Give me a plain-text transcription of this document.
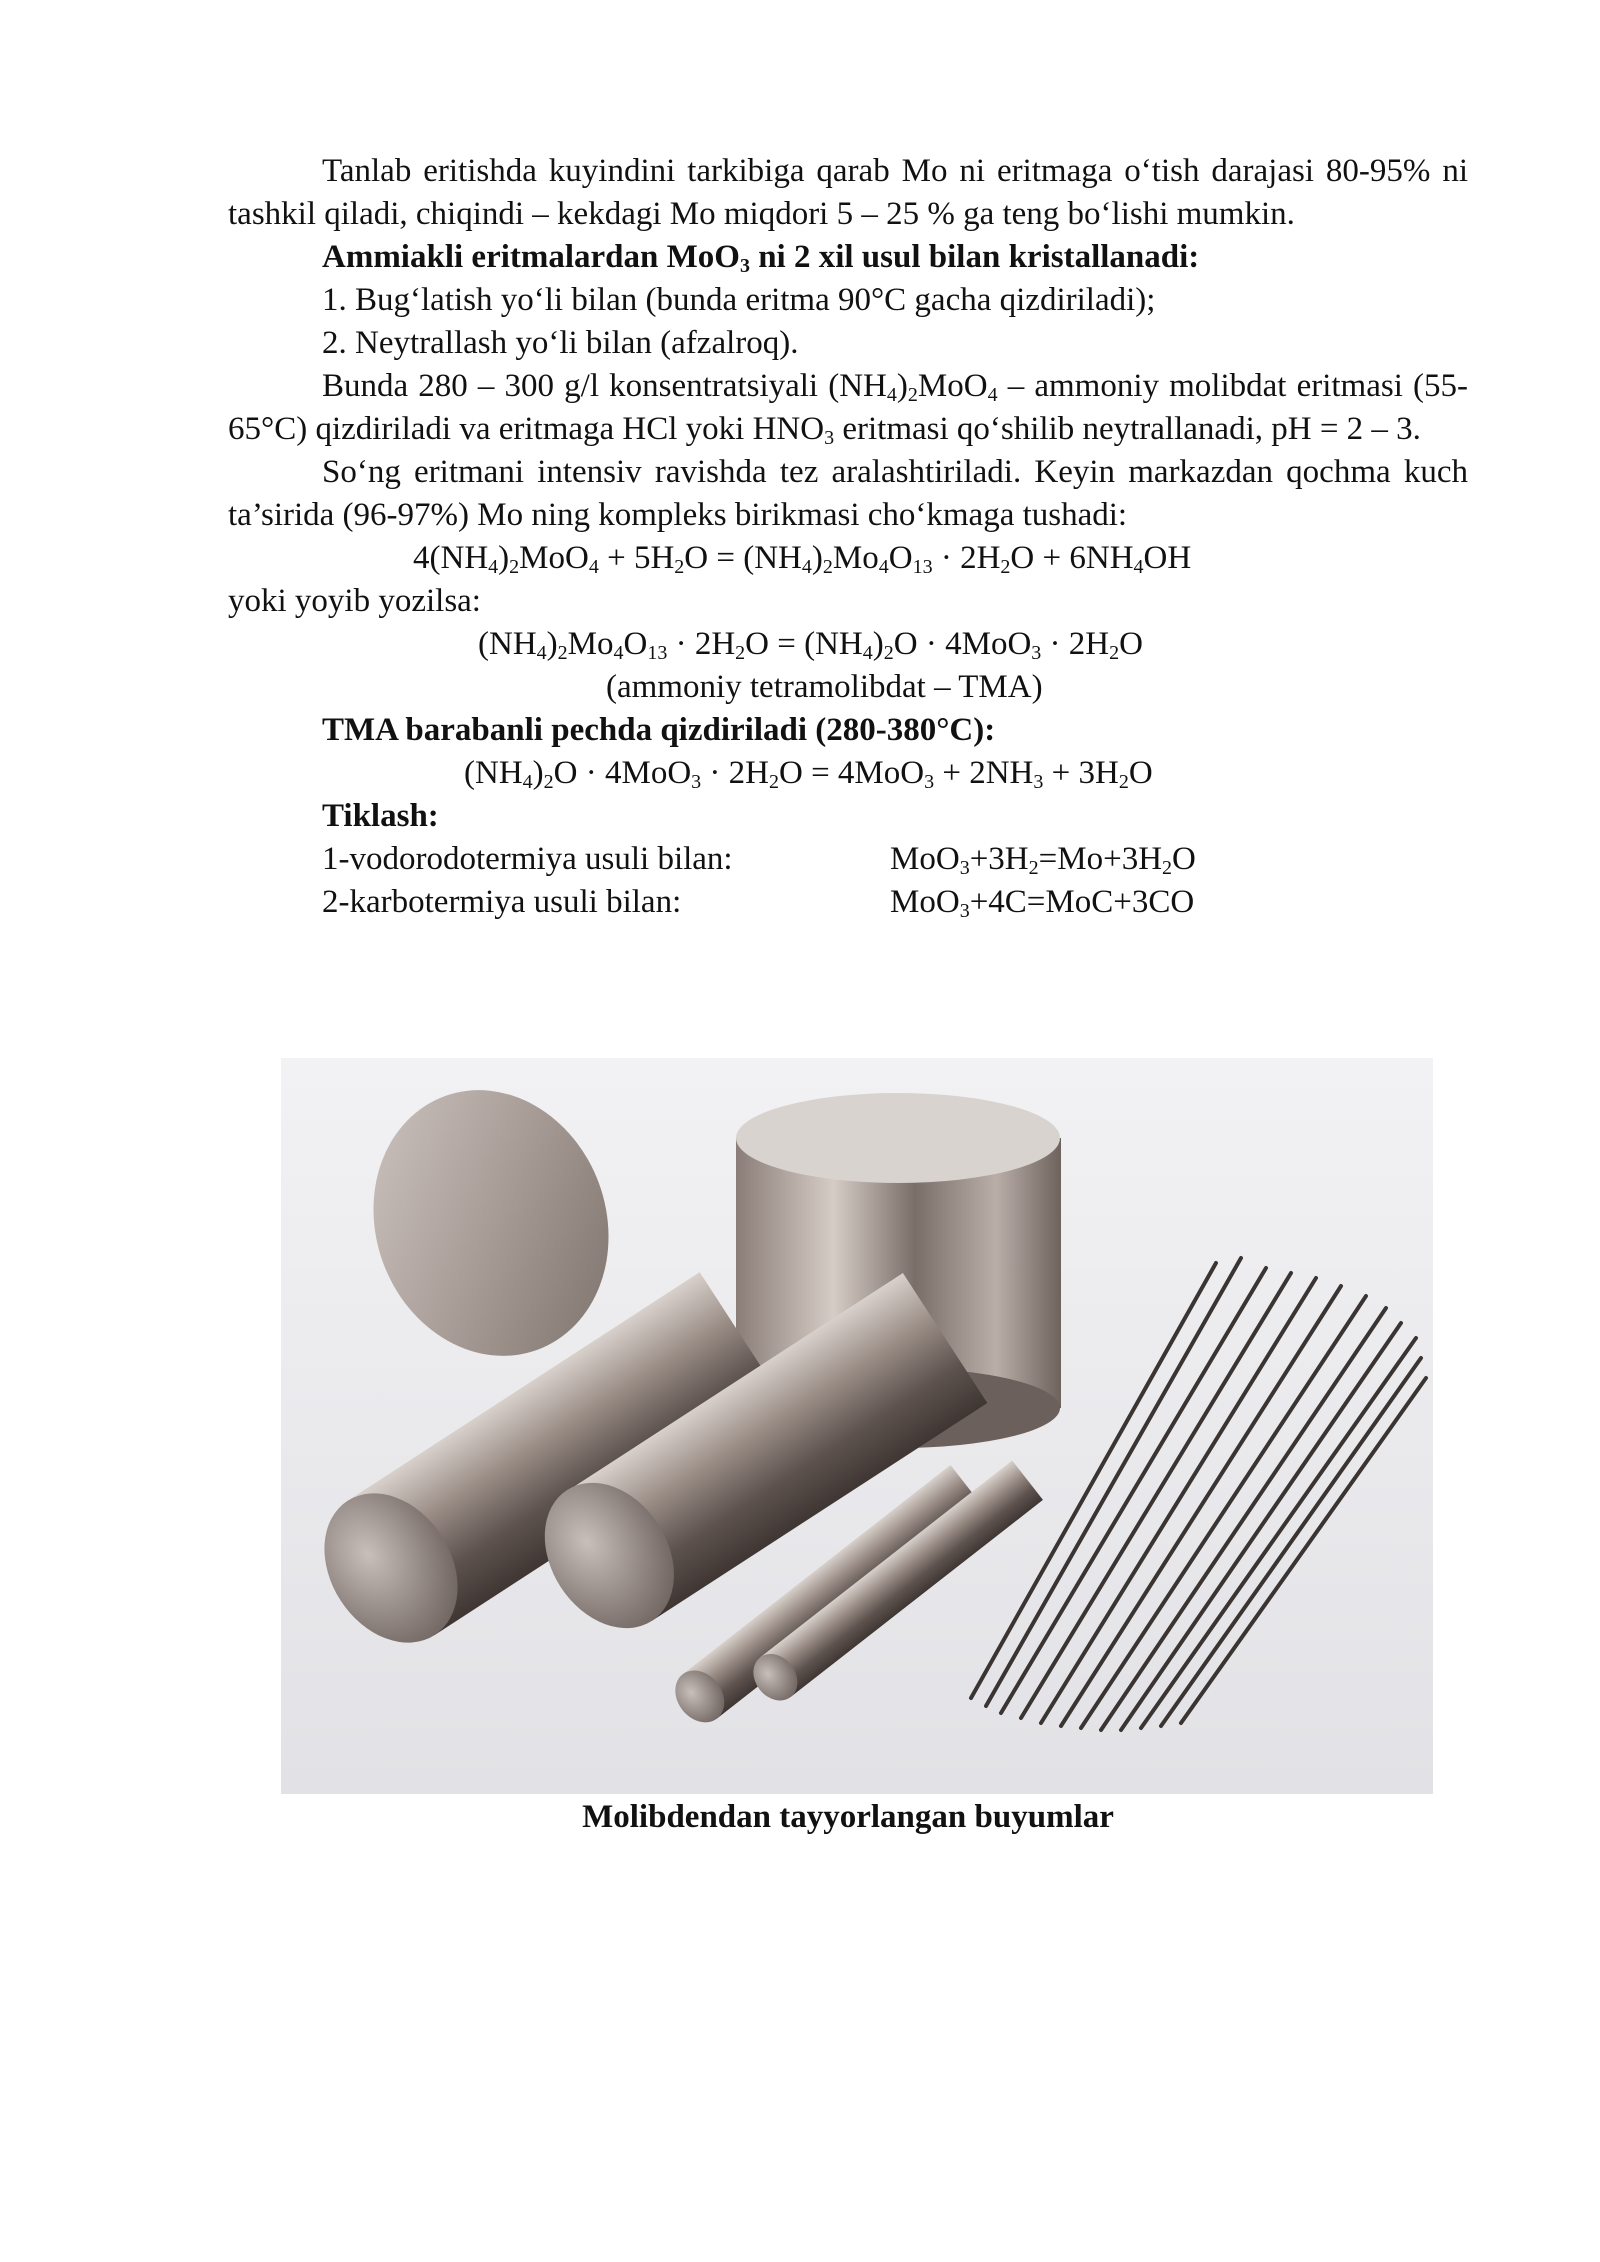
Tanlab eritishda kuyindini tarkibiga qarab Mo ni eritmaga o‘tish darajasi 80-95% ni tashkil qiladi, chiqindi – kekdagi Mo miqdori 5 – 25 % ga teng bo‘lishi mumkin.

Ammiakli eritmalardan MoO$_3$ ni 2 xil usul bilan kristallanadi:

1. Bug‘latish yo‘li bilan (bunda eritma 90°C gacha qizdiriladi);

2. Neytrallash yo‘li bilan (afzalroq).

Bunda 280 – 300 g/l konsentratsiyali $(NH_4)_2MoO_4$ – ammoniy molibdat eritmasi (55-65°C) qizdiriladi va eritmaga HCl yoki $HNO_3$ eritmasi qo‘shilib neytrallanadi, pH = 2 – 3.

So‘ng eritmani intensiv ravishda tez aralashtiriladi. Keyin markazdan qochma kuch ta’sirida (96-97%) Mo ning kompleks birikmasi cho‘kmaga tushadi:

$4(NH_4)_2MoO_4 + 5H_2O = (NH_4)_2Mo_4O_{13} \cdot 2H_2O + 6NH_4OH$

yoki yoyib yozilsa:

$(NH_4)_2Mo_4O_{13} \cdot 2H_2O = (NH_4)_2O \cdot 4MoO_3 \cdot 2H_2O$

(ammoniy tetramolibdat – TMA)

TMA barabanli pechda qizdiriladi (280-380°C):

$(NH_4)_2O \cdot 4MoO_3 \cdot 2H_2O = 4MoO_3 + 2NH_3 + 3H_2O$

Tiklash:

1-vodorodotermiya usuli bilan:	$MoO_3+3H_2=Mo+3H_2O$
2-karbotermiya usuli bilan:	MoO$_3$+4C=MoC+3CO
Molibdendan tayyorlangan buyumlar
